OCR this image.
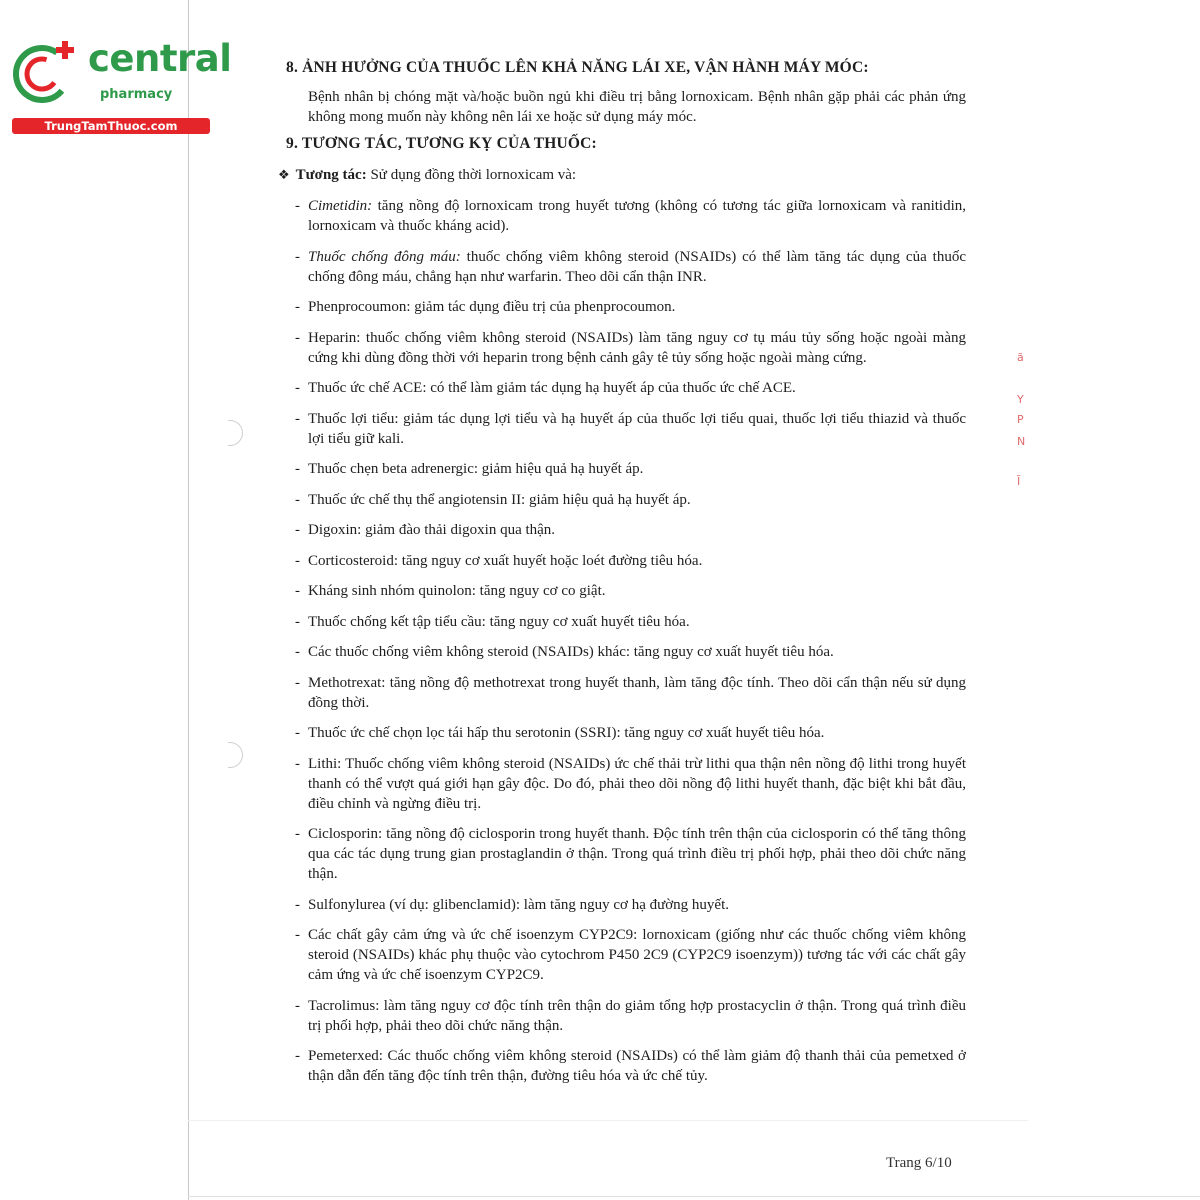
central
pharmacy
TrungTamThuoc.com
ã
Y
P
N
Ĩ
8. ẢNH HƯỞNG CỦA THUỐC LÊN KHẢ NĂNG LÁI XE, VẬN HÀNH MÁY MÓC:

Bệnh nhân bị chóng mặt và/hoặc buồn ngủ khi điều trị bằng lornoxicam. Bệnh nhân gặp phải các phản ứng không mong muốn này không nên lái xe hoặc sử dụng máy móc.

9. TƯƠNG TÁC, TƯƠNG KỴ CỦA THUỐC:
❖ Tương tác: Sử dụng đồng thời lornoxicam và:
- Cimetidin: tăng nồng độ lornoxicam trong huyết tương (không có tương tác giữa lornoxicam và ranitidin, lornoxicam và thuốc kháng acid).
- Thuốc chống đông máu: thuốc chống viêm không steroid (NSAIDs) có thể làm tăng tác dụng của thuốc chống đông máu, chẳng hạn như warfarin. Theo dõi cẩn thận INR.
- Phenprocoumon: giảm tác dụng điều trị của phenprocoumon.
- Heparin: thuốc chống viêm không steroid (NSAIDs) làm tăng nguy cơ tụ máu tủy sống hoặc ngoài màng cứng khi dùng đồng thời với heparin trong bệnh cảnh gây tê tủy sống hoặc ngoài màng cứng.
- Thuốc ức chế ACE: có thể làm giảm tác dụng hạ huyết áp của thuốc ức chế ACE.
- Thuốc lợi tiểu: giảm tác dụng lợi tiểu và hạ huyết áp của thuốc lợi tiểu quai, thuốc lợi tiểu thiazid và thuốc lợi tiểu giữ kali.
- Thuốc chẹn beta adrenergic: giảm hiệu quả hạ huyết áp.
- Thuốc ức chế thụ thể angiotensin II: giảm hiệu quả hạ huyết áp.
- Digoxin: giảm đào thải digoxin qua thận.
- Corticosteroid: tăng nguy cơ xuất huyết hoặc loét đường tiêu hóa.
- Kháng sinh nhóm quinolon: tăng nguy cơ co giật.
- Thuốc chống kết tập tiểu cầu: tăng nguy cơ xuất huyết tiêu hóa.
- Các thuốc chống viêm không steroid (NSAIDs) khác: tăng nguy cơ xuất huyết tiêu hóa.
- Methotrexat: tăng nồng độ methotrexat trong huyết thanh, làm tăng độc tính. Theo dõi cẩn thận nếu sử dụng đồng thời.
- Thuốc ức chế chọn lọc tái hấp thu serotonin (SSRI): tăng nguy cơ xuất huyết tiêu hóa.
- Lithi: Thuốc chống viêm không steroid (NSAIDs) ức chế thải trừ lithi qua thận nên nồng độ lithi trong huyết thanh có thể vượt quá giới hạn gây độc. Do đó, phải theo dõi nồng độ lithi huyết thanh, đặc biệt khi bắt đầu, điều chỉnh và ngừng điều trị.
- Ciclosporin: tăng nồng độ ciclosporin trong huyết thanh. Độc tính trên thận của ciclosporin có thể tăng thông qua các tác dụng trung gian prostaglandin ở thận. Trong quá trình điều trị phối hợp, phải theo dõi chức năng thận.
- Sulfonylurea (ví dụ: glibenclamid): làm tăng nguy cơ hạ đường huyết.
- Các chất gây cảm ứng và ức chế isoenzym CYP2C9: lornoxicam (giống như các thuốc chống viêm không steroid (NSAIDs) khác phụ thuộc vào cytochrom P450 2C9 (CYP2C9 isoenzym)) tương tác với các chất gây cảm ứng và ức chế isoenzym CYP2C9.
- Tacrolimus: làm tăng nguy cơ độc tính trên thận do giảm tổng hợp prostacyclin ở thận. Trong quá trình điều trị phối hợp, phải theo dõi chức năng thận.
- Pemeterxed: Các thuốc chống viêm không steroid (NSAIDs) có thể làm giảm độ thanh thải của pemetxed ở thận dẫn đến tăng độc tính trên thận, đường tiêu hóa và ức chế tủy.
Trang 6/10
